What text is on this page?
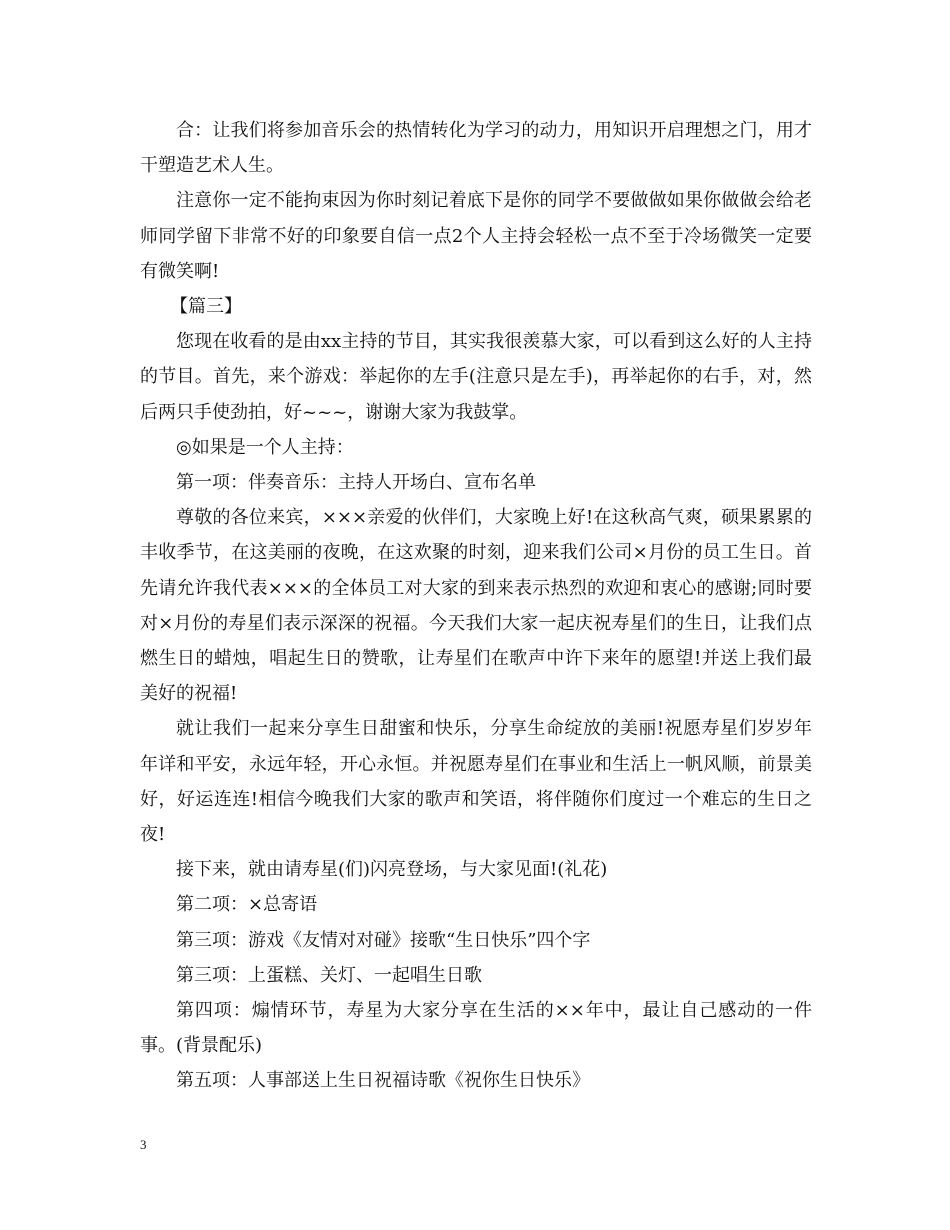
合：让我们将参加音乐会的热情转化为学习的动力，用知识开启理想之门，用才干塑造艺术人生。

注意你一定不能拘束因为你时刻记着底下是你的同学不要做做如果你做做会给老师同学留下非常不好的印象要自信一点2个人主持会轻松一点不至于冷场微笑一定要有微笑啊!

【篇三】

您现在收看的是由xx主持的节目，其实我很羡慕大家，可以看到这么好的人主持的节目。首先，来个游戏：举起你的左手(注意只是左手)，再举起你的右手，对，然后两只手使劲拍，好~~~，谢谢大家为我鼓掌。

◎如果是一个人主持：

第一项：伴奏音乐：主持人开场白、宣布名单

尊敬的各位来宾，×××亲爱的伙伴们，大家晚上好!在这秋高气爽，硕果累累的丰收季节，在这美丽的夜晚，在这欢聚的时刻，迎来我们公司×月份的员工生日。首先请允许我代表×××的全体员工对大家的到来表示热烈的欢迎和衷心的感谢;同时要对×月份的寿星们表示深深的祝福。今天我们大家一起庆祝寿星们的生日，让我们点燃生日的蜡烛，唱起生日的赞歌，让寿星们在歌声中许下来年的愿望!并送上我们最美好的祝福!

就让我们一起来分享生日甜蜜和快乐，分享生命绽放的美丽!祝愿寿星们岁岁年年详和平安，永远年轻，开心永恒。并祝愿寿星们在事业和生活上一帆风顺，前景美好，好运连连!相信今晚我们大家的歌声和笑语，将伴随你们度过一个难忘的生日之夜!

接下来，就由请寿星(们)闪亮登场，与大家见面!(礼花)

第二项：×总寄语

第三项：游戏《友情对对碰》接歌“生日快乐”四个字

第三项：上蛋糕、关灯、一起唱生日歌

第四项：煽情环节，寿星为大家分享在生活的××年中，最让自己感动的一件事。(背景配乐)

第五项：人事部送上生日祝福诗歌《祝你生日快乐》

3
